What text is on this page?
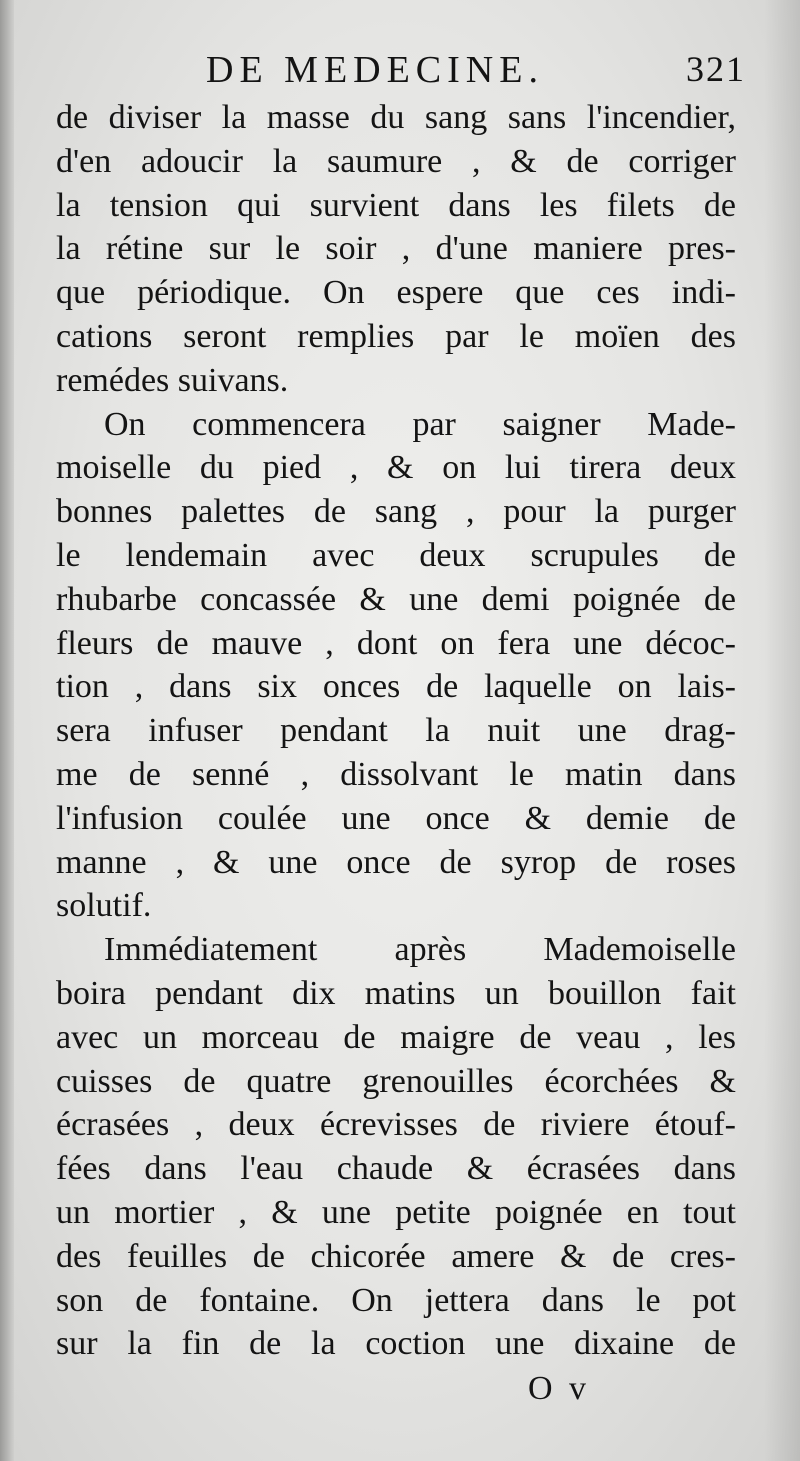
DE MEDECINE.	321
de diviser la masse du sang sans l'incendier,
d'en adoucir la saumure , & de corriger
la tension qui survient dans les filets de
la rétine sur le soir , d'une maniere pres-
que périodique. On espere que ces indi-
cations seront remplies par le moïen des
remédes suivans.
On commencera par saigner Made-
moiselle du pied , & on lui tirera deux
bonnes palettes de sang , pour la purger
le lendemain avec deux scrupules de
rhubarbe concassée & une demi poignée de
fleurs de mauve , dont on fera une décoc-
tion , dans six onces de laquelle on lais-
sera infuser pendant la nuit une drag-
me de senné , dissolvant le matin dans
l'infusion coulée une once & demie de
manne , & une once de syrop de roses
solutif.
Immédiatement après Mademoiselle
boira pendant dix matins un bouillon fait
avec un morceau de maigre de veau , les
cuisses de quatre grenouilles écorchées &
écrasées , deux écrevisses de riviere étouf-
fées dans l'eau chaude & écrasées dans
un mortier , & une petite poignée en tout
des feuilles de chicorée amere & de cres-
son de fontaine. On jettera dans le pot
sur la fin de la coction une dixaine de
O v
